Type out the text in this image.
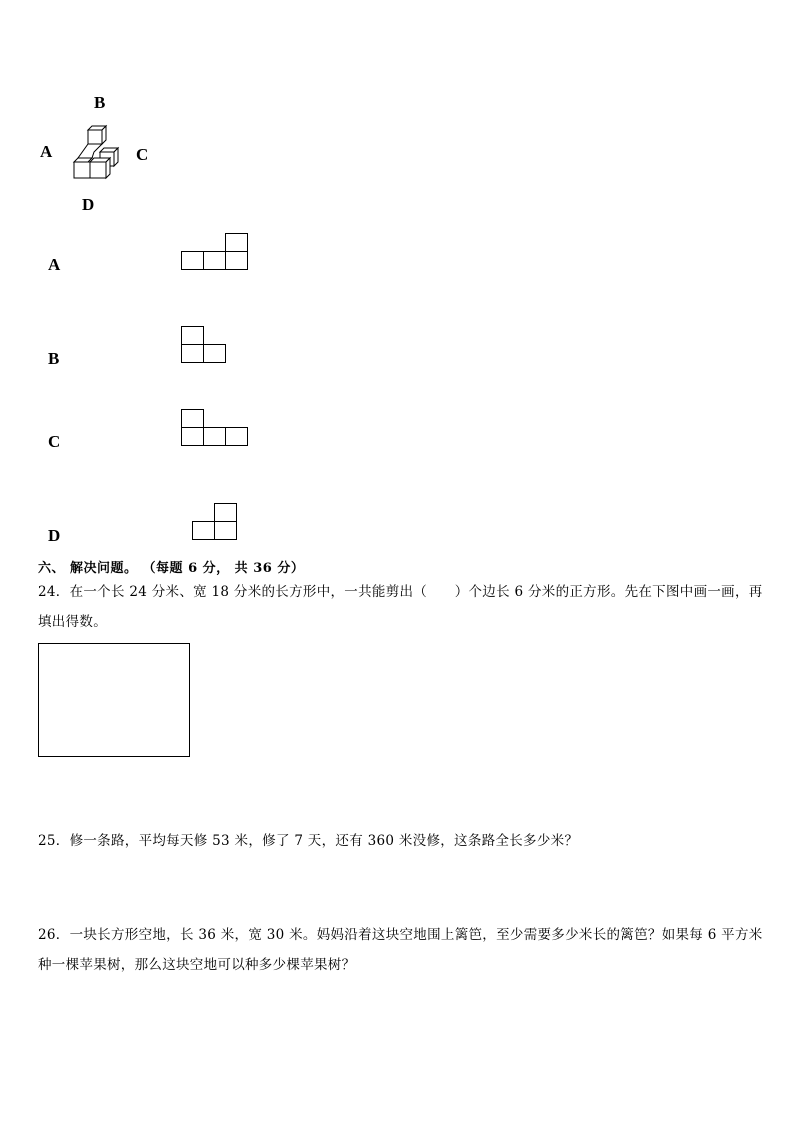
B
A	C
D
A
B
C
D
六、 解决问题。 （每题 6 分， 共 36 分）
24．在一个长 24 分米、宽 18 分米的长方形中，一共能剪出（　　）个边长 6 分米的正方形。先在下图中画一画，再
填出得数。
25．修一条路，平均每天修 53 米，修了 7 天，还有 360 米没修，这条路全长多少米？
26．一块长方形空地，长 36 米，宽 30 米。妈妈沿着这块空地围上篱笆，至少需要多少米长的篱笆？如果每 6 平方米
种一棵苹果树，那么这块空地可以种多少棵苹果树？
